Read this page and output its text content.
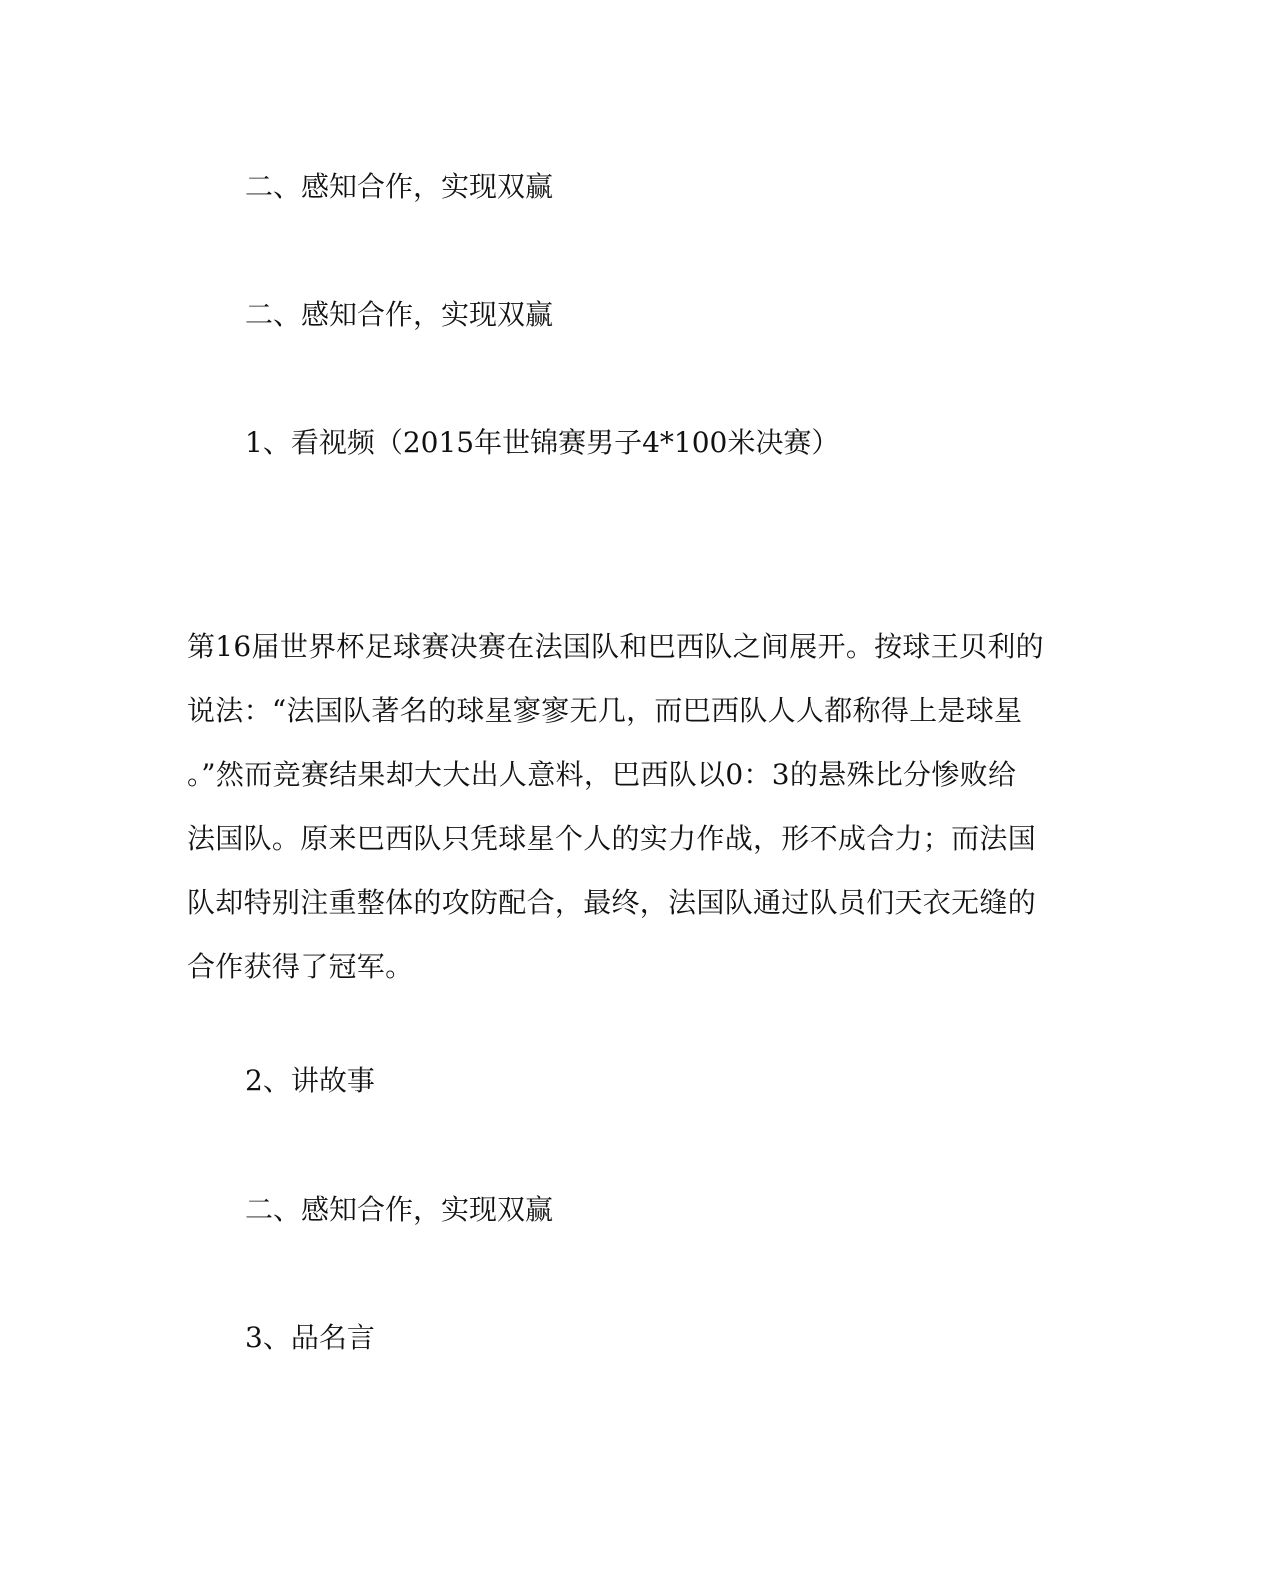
二、感知合作，实现双赢
二、感知合作，实现双赢

1、看视频（2015年世锦赛男子4*100米决赛）

第16届世界杯足球赛决赛在法国队和巴西队之间展开。按球王贝利的
说法：“法国队著名的球星寥寥无几，而巴西队人人都称得上是球星
。”然而竞赛结果却大大出人意料，巴西队以0：3的悬殊比分惨败给
法国队。原来巴西队只凭球星个人的实力作战，形不成合力；而法国
队却特别注重整体的攻防配合，最终，法国队通过队员们天衣无缝的
合作获得了冠军。

2、讲故事

二、感知合作，实现双赢

3、品名言
